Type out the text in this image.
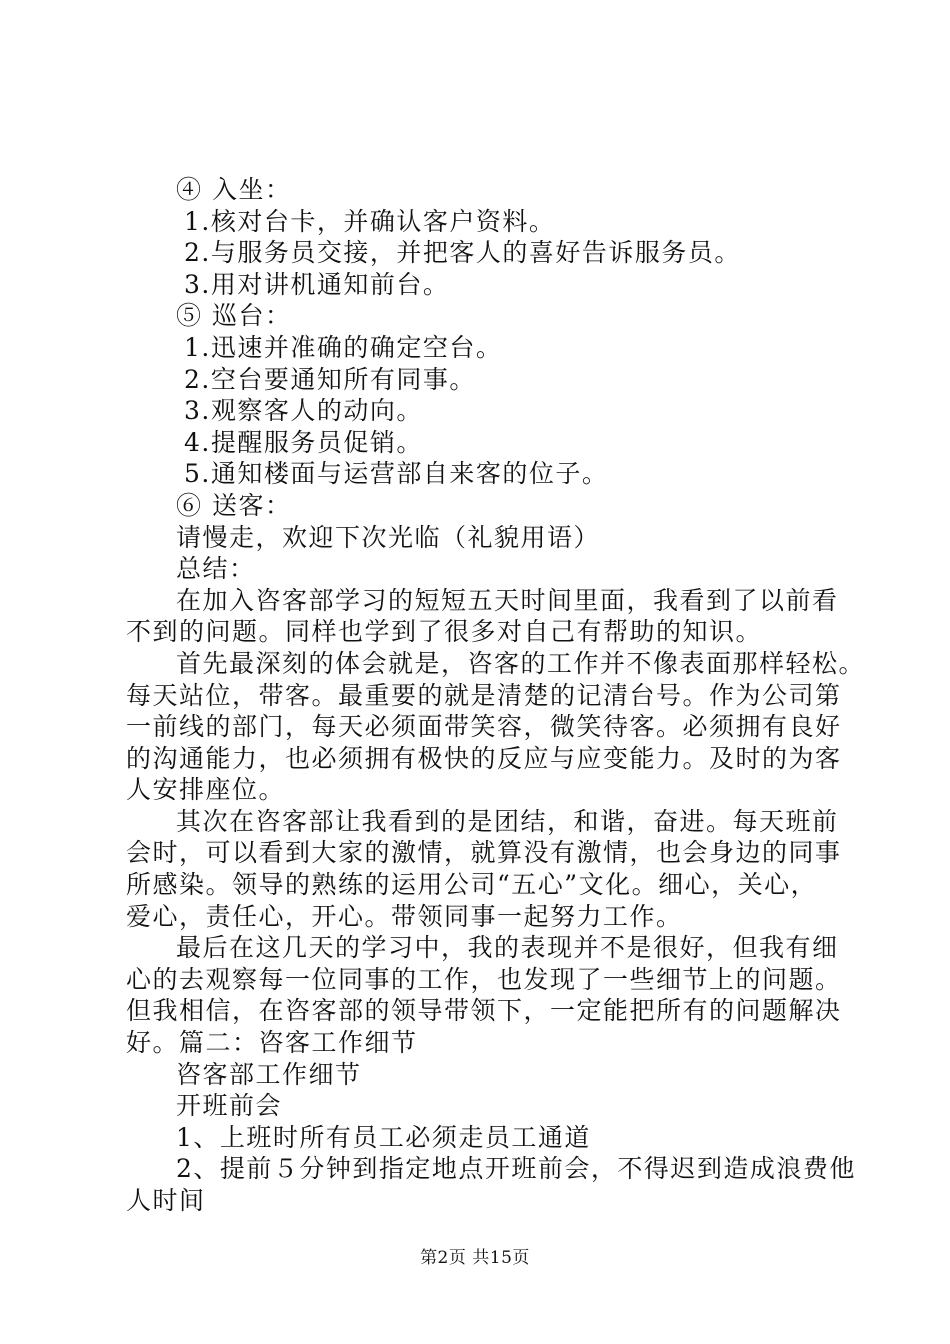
④ 入坐：
1.核对台卡，并确认客户资料。
2.与服务员交接，并把客人的喜好告诉服务员。
3.用对讲机通知前台。
⑤ 巡台：
1.迅速并准确的确定空台。
2.空台要通知所有同事。
3.观察客人的动向。
4.提醒服务员促销。
5.通知楼面与运营部自来客的位子。
⑥ 送客：
请慢走，欢迎下次光临（礼貌用语）
总结：
在加入咨客部学习的短短五天时间里面，我看到了以前看
不到的问题。同样也学到了很多对自己有帮助的知识。
首先最深刻的体会就是，咨客的工作并不像表面那样轻松。
每天站位，带客。最重要的就是清楚的记清台号。作为公司第
一前线的部门，每天必须面带笑容，微笑待客。必须拥有良好
的沟通能力，也必须拥有极快的反应与应变能力。及时的为客
人安排座位。
其次在咨客部让我看到的是团结，和谐，奋进。每天班前
会时，可以看到大家的激情，就算没有激情，也会身边的同事
所感染。领导的熟练的运用公司“五心”文化。细心，关心，
爱心，责任心，开心。带领同事一起努力工作。
最后在这几天的学习中，我的表现并不是很好，但我有细
心的去观察每一位同事的工作，也发现了一些细节上的问题。
但我相信，在咨客部的领导带领下，一定能把所有的问题解决
好。篇二：咨客工作细节
咨客部工作细节
开班前会
1、上班时所有员工必须走员工通道
2、提前５分钟到指定地点开班前会，不得迟到造成浪费他
人时间
第2页 共15页
